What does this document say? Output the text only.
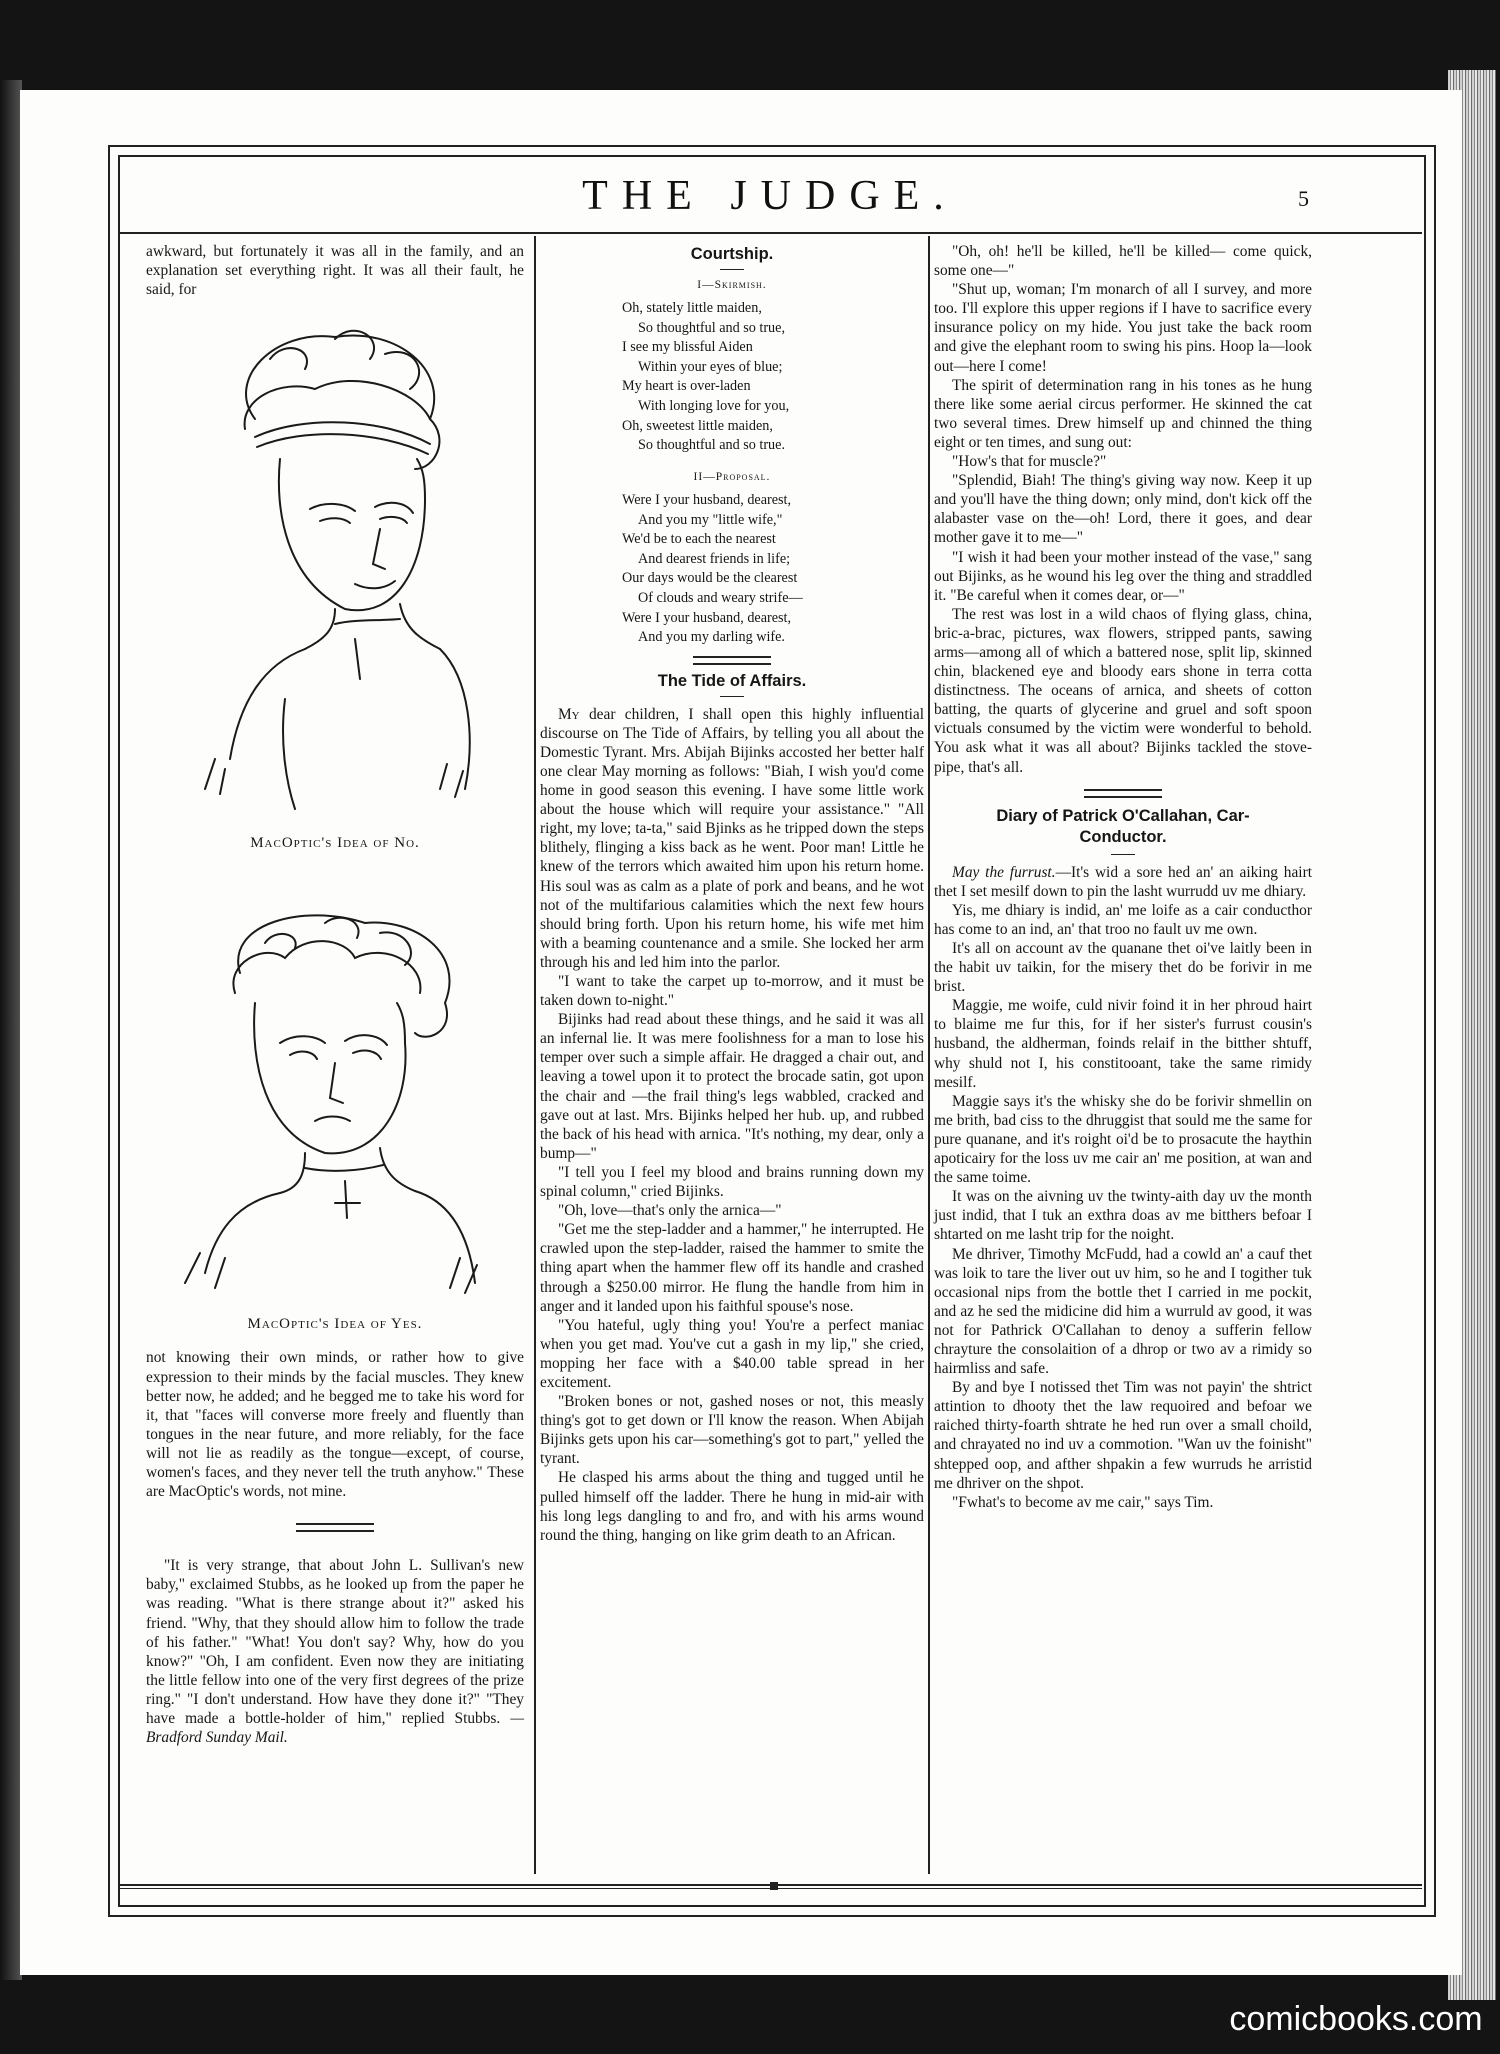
THE JUDGE.	5

awkward, but fortunately it was all in the family, and an explanation set everything right. It was all their fault, he said, for

MacOptic's Idea of No.
MacOptic's Idea of Yes.

not knowing their own minds, or rather how to give expression to their minds by the facial muscles. They knew better now, he added; and he begged me to take his word for it, that "faces will converse more freely and fluently than tongues in the near future, and more reliably, for the face will not lie as readily as the tongue—except, of course, women's faces, and they never tell the truth anyhow." These are MacOptic's words, not mine.

"It is very strange, that about John L. Sullivan's new baby," exclaimed Stubbs, as he looked up from the paper he was reading. "What is there strange about it?" asked his friend. "Why, that they should allow him to follow the trade of his father." "What! You don't say? Why, how do you know?" "Oh, I am confident. Even now they are initiating the little fellow into one of the very first degrees of the prize ring." "I don't understand. How have they done it?" "They have made a bottle-holder of him," replied Stubbs. — Bradford Sunday Mail.

Courtship.
I—Skirmish.
Oh, stately little maiden,
So thoughtful and so true,
I see my blissful Aiden
Within your eyes of blue;
My heart is over-laden
With longing love for you,
Oh, sweetest little maiden,
So thoughtful and so true.
II—Proposal.
Were I your husband, dearest,
And you my "little wife,"
We'd be to each the nearest
And dearest friends in life;
Our days would be the clearest
Of clouds and weary strife—
Were I your husband, dearest,
And you my darling wife.
The Tide of Affairs.

My dear children, I shall open this highly influential discourse on The Tide of Affairs, by telling you all about the Domestic Tyrant. Mrs. Abijah Bijinks accosted her better half one clear May morning as follows: "Biah, I wish you'd come home in good season this evening. I have some little work about the house which will require your assistance." "All right, my love; ta-ta," said Bjinks as he tripped down the steps blithely, flinging a kiss back as he went. Poor man! Little he knew of the terrors which awaited him upon his return home. His soul was as calm as a plate of pork and beans, and he wot not of the multifarious calamities which the next few hours should bring forth. Upon his return home, his wife met him with a beaming countenance and a smile. She locked her arm through his and led him into the parlor.

"I want to take the carpet up to-morrow, and it must be taken down to-night."

Bijinks had read about these things, and he said it was all an infernal lie. It was mere foolishness for a man to lose his temper over such a simple affair. He dragged a chair out, and leaving a towel upon it to protect the brocade satin, got upon the chair and —the frail thing's legs wabbled, cracked and gave out at last. Mrs. Bijinks helped her hub. up, and rubbed the back of his head with arnica. "It's nothing, my dear, only a bump—"

"I tell you I feel my blood and brains running down my spinal column," cried Bijinks.

"Oh, love—that's only the arnica—"

"Get me the step-ladder and a hammer," he interrupted. He crawled upon the step-ladder, raised the hammer to smite the thing apart when the hammer flew off its handle and crashed through a $250.00 mirror. He flung the handle from him in anger and it landed upon his faithful spouse's nose.

"You hateful, ugly thing you! You're a perfect maniac when you get mad. You've cut a gash in my lip," she cried, mopping her face with a $40.00 table spread in her excitement.

"Broken bones or not, gashed noses or not, this measly thing's got to get down or I'll know the reason. When Abijah Bijinks gets upon his car—something's got to part," yelled the tyrant.

He clasped his arms about the thing and tugged until he pulled himself off the ladder. There he hung in mid-air with his long legs dangling to and fro, and with his arms wound round the thing, hanging on like grim death to an African.

"Oh, oh! he'll be killed, he'll be killed— come quick, some one—"

"Shut up, woman; I'm monarch of all I survey, and more too. I'll explore this upper regions if I have to sacrifice every insurance policy on my hide. You just take the back room and give the elephant room to swing his pins. Hoop la—look out—here I come!

The spirit of determination rang in his tones as he hung there like some aerial circus performer. He skinned the cat two several times. Drew himself up and chinned the thing eight or ten times, and sung out:

"How's that for muscle?"

"Splendid, Biah! The thing's giving way now. Keep it up and you'll have the thing down; only mind, don't kick off the alabaster vase on the—oh! Lord, there it goes, and dear mother gave it to me—"

"I wish it had been your mother instead of the vase," sang out Bijinks, as he wound his leg over the thing and straddled it. "Be careful when it comes dear, or—"

The rest was lost in a wild chaos of flying glass, china, bric-a-brac, pictures, wax flowers, stripped pants, sawing arms—among all of which a battered nose, split lip, skinned chin, blackened eye and bloody ears shone in terra cotta distinctness. The oceans of arnica, and sheets of cotton batting, the quarts of glycerine and gruel and soft spoon victuals consumed by the victim were wonderful to behold. You ask what it was all about? Bijinks tackled the stove-pipe, that's all.

Diary of Patrick O'Callahan, Car-Conductor.

May the furrust.—It's wid a sore hed an' an aiking hairt thet I set mesilf down to pin the lasht wurrudd uv me dhiary.

Yis, me dhiary is indid, an' me loife as a cair conducthor has come to an ind, an' that troo no fault uv me own.

It's all on account av the quanane thet oi've laitly been in the habit uv taikin, for the misery thet do be forivir in me brist.

Maggie, me woife, culd nivir foind it in her phroud hairt to blaime me fur this, for if her sister's furrust cousin's husband, the aldherman, foinds relaif in the bitther shtuff, why shuld not I, his constitooant, take the same rimidy mesilf.

Maggie says it's the whisky she do be forivir shmellin on me brith, bad ciss to the dhruggist that sould me the same for pure quanane, and it's roight oi'd be to prosacute the haythin apoticairy for the loss uv me cair an' me position, at wan and the same toime.

It was on the aivning uv the twinty-aith day uv the month just indid, that I tuk an exthra doas av me bitthers befoar I shtarted on me lasht trip for the noight.

Me dhriver, Timothy McFudd, had a cowld an' a cauf thet was loik to tare the liver out uv him, so he and I togither tuk occasional nips from the bottle thet I carried in me pockit, and az he sed the midicine did him a wurruld av good, it was not for Pathrick O'Callahan to denoy a sufferin fellow chrayture the consolaition of a dhrop or two av a rimidy so hairmliss and safe.

By and bye I notissed thet Tim was not payin' the shtrict attintion to dhooty thet the law requoired and befoar we raiched thirty-foarth shtrate he hed run over a small choild, and chrayated no ind uv a commotion. "Wan uv the foinisht" shtepped oop, and afther shpakin a few wurruds he arristid me dhriver on the shpot.

"Fwhat's to become av me cair," says Tim.

comicbooks.com
